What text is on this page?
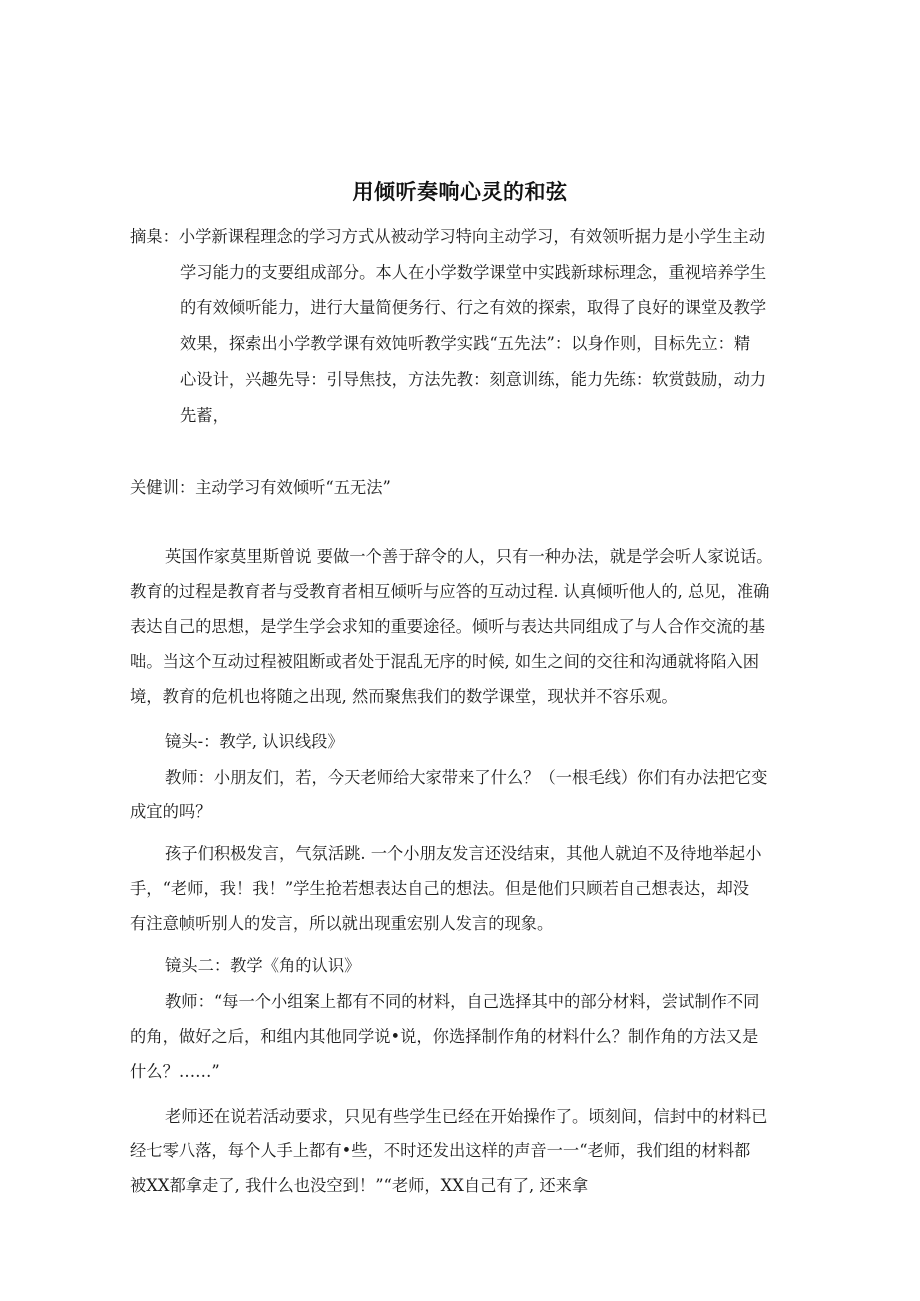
用倾听奏响心灵的和弦
摘臬：小学新课程理念的学习方式从被动学习特向主动学习，有效领听据力是小学生主动
学习能力的支要组成部分。本人在小学数学课堂中实践新球标理念，重视培养学生
的有效倾听能力，进行大量简便务行、行之有效的探索，取得了良好的课堂及教学
效果，探索出小学教学课有效饨听教学实践“五先法”：以身作则，目标先立：精
心设计，兴趣先导：引导焦技，方法先教：刻意训练，能力先练：软赏鼓励，动力
先蓄，
关健训：主动学习有效倾听“五无法”
英国作家莫里斯曾说 要做一个善于辞令的人，只有一种办法，就是学会听人家说话。
教育的过程是教育者与受教育者相互倾听与应答的互动过程. 认真倾听他人的, 总见，准确
表达自己的思想，是学生学会求知的重要途径。倾听与表达共同组成了与人合作交流的基
咄。当这个互动过程被阻断或者处于混乱无序的时候, 如生之间的交往和沟通就将陷入困
境，教育的危机也将随之出现, 然而聚焦我们的数学课堂，现状并不容乐观。
镜头-：教学, 认识线段》
教师：小朋友们，若，今天老师给大家带来了什么？（一根毛线）你们有办法把它变
成宜的吗？
孩子们积极发言，气氛活跳. 一个小朋友发言还没结束，其他人就迫不及待地举起小
手，“老师，我！我！”学生抢若想表达自己的想法。但是他们只顾若自己想表达，却没
有注意帧听别人的发言，所以就出现重宏别人发言的现象。
镜头二：教学《角的认识》
教师：“每一个小组案上都有不同的材料，自己选择其中的部分材料，尝试制作不同
的角，做好之后，和组内其他同学说•说，你选择制作角的材料什么？制作角的方法又是
什么？……”
老师还在说若活动要求，只见有些学生已经在开始操作了。顷刻间，信封中的材料已
经七零八落，每个人手上都有•些，不时还发出这样的声音一一“老师，我们组的材料都
被XX都拿走了, 我什么也没空到！”“老师，XX自己有了, 还来拿
